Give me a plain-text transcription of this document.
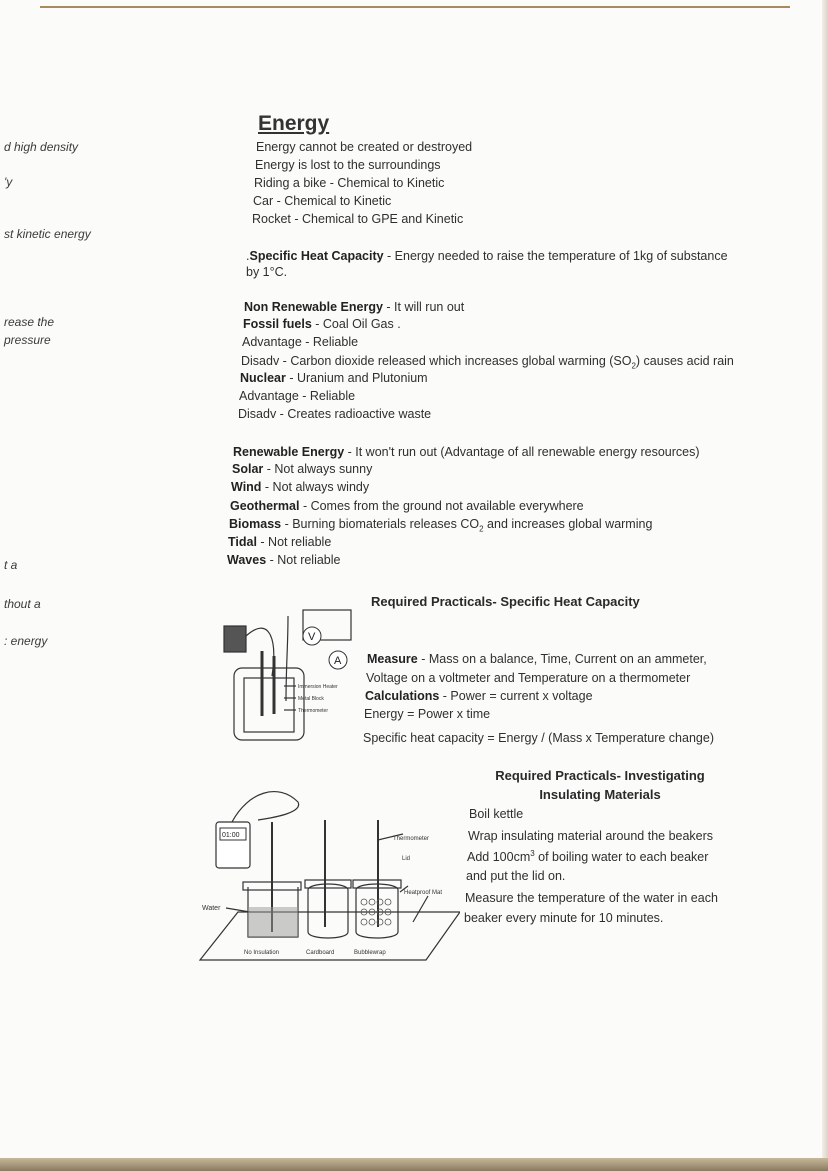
d high density
'y
st kinetic energy
rease the
pressure
t a
thout a
: energy
Energy
Energy cannot be created or destroyed
Energy is lost to the surroundings
Riding a bike - Chemical to Kinetic
Car - Chemical to Kinetic
Rocket - Chemical to GPE and Kinetic
.Specific Heat Capacity - Energy needed to raise the temperature of 1kg of substance by 1°C.
Non Renewable Energy - It will run out
Fossil fuels - Coal Oil Gas .
Advantage - Reliable
Disadv - Carbon dioxide released which increases global warming $(SO_2)$ causes acid rain
Nuclear - Uranium and Plutonium
Advantage - Reliable
Disadv - Creates radioactive waste
Renewable Energy - It won't run out (Advantage of all renewable energy resources)
Solar - Not always sunny
Wind - Not always windy
Geothermal - Comes from the ground not available everywhere
Biomass - Burning biomaterials releases $CO_2$ and increases global warming
Tidal - Not reliable
Waves - Not reliable
Required Practicals- Specific Heat Capacity
V
A
Immersion Heater
Metal Block
Thermometer
Measure - Mass on a balance, Time, Current on an ammeter,
Voltage on a voltmeter and Temperature on a thermometer
Calculations - Power = current x voltage
Energy = Power x time
Specific heat capacity = Energy / (Mass x Temperature change)
Required Practicals- Investigating
Insulating Materials
01:00
Water
Thermometer
Lid
Heatproof Mat
No Insulation	Cardboard	Bubblewrap
Boil kettle
Wrap insulating material around the beakers
Add $100cm^3$ of boiling water to each beaker
and put the lid on.
Measure the temperature of the water in each
beaker every minute for 10 minutes.
